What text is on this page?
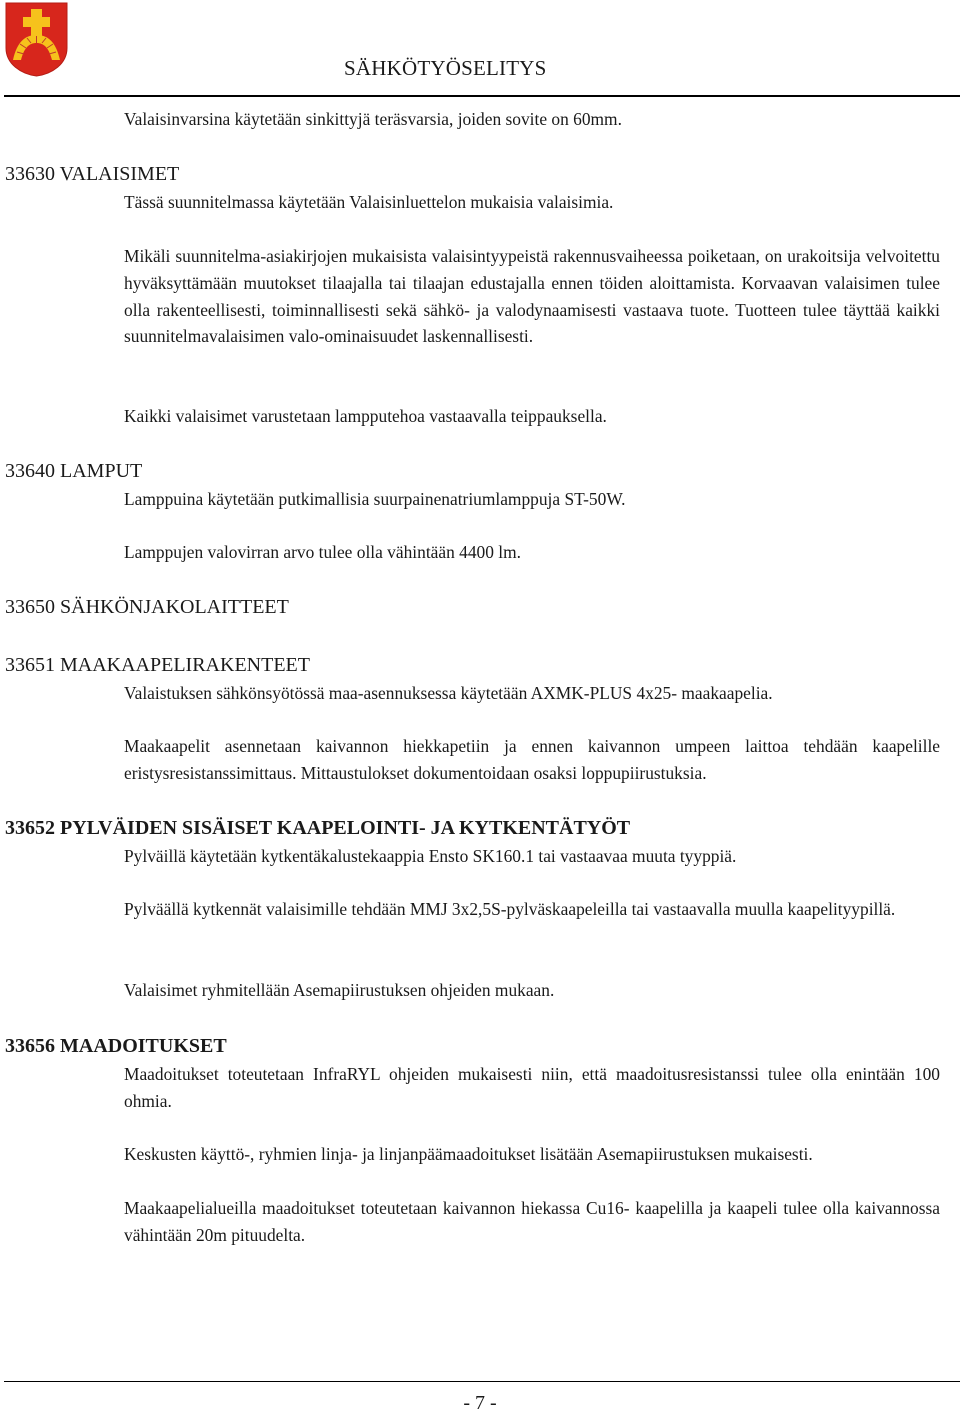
SÄHKÖTYÖSELITYS

Valaisinvarsina käytetään sinkittyjä teräsvarsia, joiden sovite on 60mm.

33630 VALAISIMET

Tässä suunnitelmassa käytetään Valaisinluettelon mukaisia valaisimia.

Mikäli suunnitelma-asiakirjojen mukaisista valaisintyypeistä rakennusvaiheessa poiketaan, on urakoitsija velvoitettu hyväksyttämään muutokset tilaajalla tai tilaajan edustajalla ennen töiden aloittamista. Korvaavan valaisimen tulee olla rakenteellisesti, toiminnallisesti sekä sähkö- ja valodynaamisesti vastaava tuote. Tuotteen tulee täyttää kaikki suunnitelmavalaisimen valo-ominaisuudet laskennallisesti.

Kaikki valaisimet varustetaan lampputehoa vastaavalla teippauksella.

33640 LAMPUT

Lamppuina käytetään putkimallisia suurpainenatriumlamppuja ST-50W.

Lamppujen valovirran arvo tulee olla vähintään 4400 lm.

33650 SÄHKÖNJAKOLAITTEET
33651 MAAKAAPELIRAKENTEET

Valaistuksen sähkönsyötössä maa-asennuksessa käytetään AXMK-PLUS 4x25- maakaapelia.

Maakaapelit asennetaan kaivannon hiekkapetiin ja ennen kaivannon umpeen laittoa tehdään kaapelille eristysresistanssimittaus. Mittaustulokset dokumentoidaan osaksi loppupiirustuksia.

33652 PYLVÄIDEN SISÄISET KAAPELOINTI- JA KYTKENTÄTYÖT

Pylväillä käytetään kytkentäkalustekaappia Ensto SK160.1 tai vastaavaa muuta tyyppiä.

Pylväällä kytkennät valaisimille tehdään MMJ 3x2,5S-pylväskaapeleilla tai vastaavalla muulla kaapelityypillä.

Valaisimet ryhmitellään Asemapiirustuksen ohjeiden mukaan.

33656 MAADOITUKSET

Maadoitukset toteutetaan InfraRYL ohjeiden mukaisesti niin, että maadoitusresistanssi tulee olla enintään 100 ohmia.

Keskusten käyttö-, ryhmien linja- ja linjanpäämaadoitukset lisätään Asemapiirustuksen mukaisesti.

Maakaapelialueilla maadoitukset toteutetaan kaivannon hiekassa Cu16- kaapelilla ja kaapeli tulee olla kaivannossa vähintään 20m pituudelta.

- 7 -
